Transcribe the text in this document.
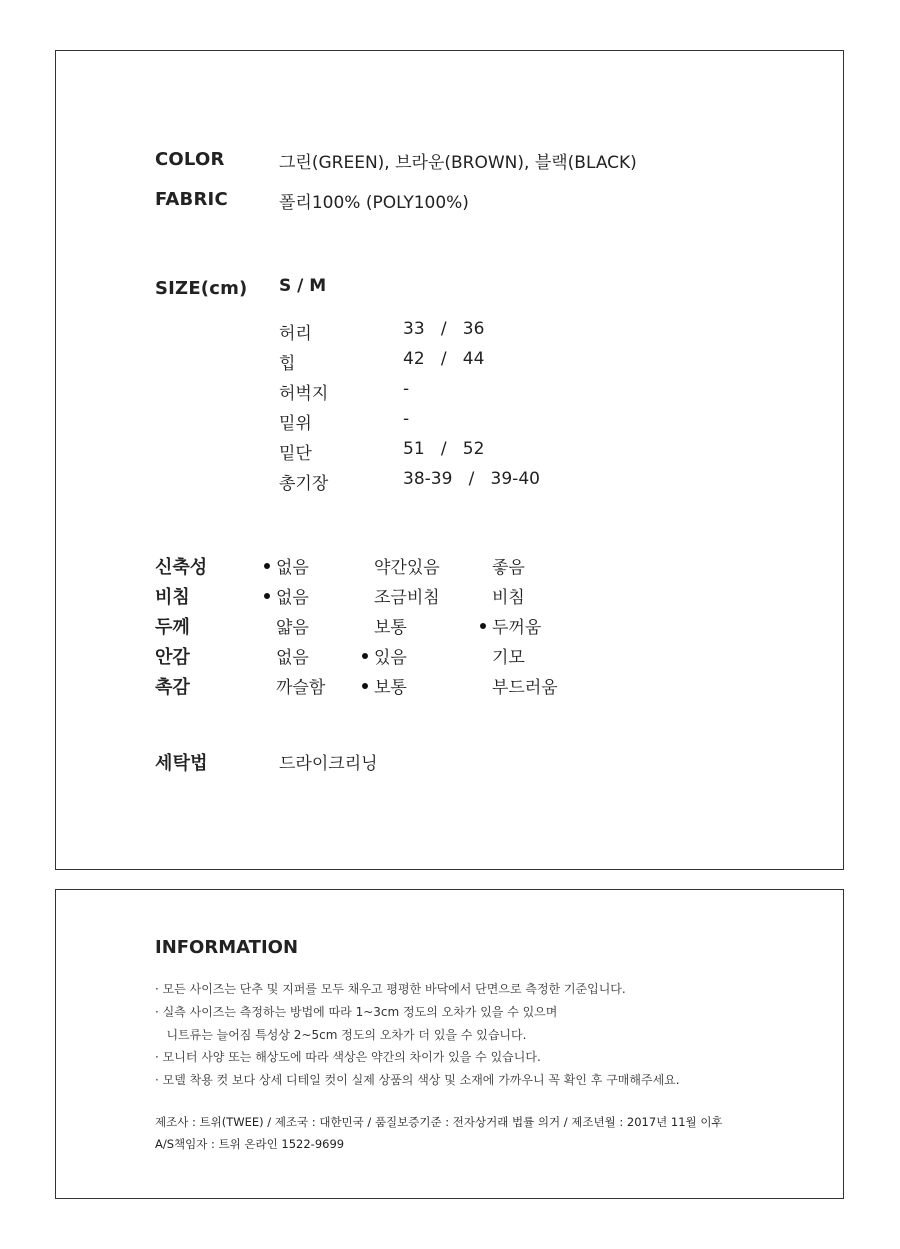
COLOR	그린(GREEN), 브라운(BROWN), 블랙(BLACK)
FABRIC	폴리100% (POLY100%)
SIZE(cm) S / M
허리	33   /   36
힙	42   /   44
허벅지	-
밑위	-
밑단	51   /   52
총기장	38-39   /   39-40
신축성	없음	약간있음	좋음
비침	없음	조금비침	비침
두께	얇음	보통	두꺼움
안감	없음	있음	기모
촉감	까슬함	보통	부드러움
세탁법	드라이크리닝
INFORMATION
· 모든 사이즈는 단추 및 지퍼를 모두 채우고 평평한 바닥에서 단면으로 측정한 기준입니다.
· 실측 사이즈는 측정하는 방법에 따라 1~3cm 정도의 오차가 있을 수 있으며
니트류는 늘어짐 특성상 2~5cm 정도의 오차가 더 있을 수 있습니다.
· 모니터 사양 또는 해상도에 따라 색상은 약간의 차이가 있을 수 있습니다.
· 모델 착용 컷 보다 상세 디테일 컷이 실제 상품의 색상 및 소재에 가까우니 꼭 확인 후 구매해주세요.
제조사 : 트위(TWEE) / 제조국 : 대한민국 / 품질보증기준 : 전자상거래 법률 의거 / 제조년월 : 2017년 11월 이후
A/S책임자 : 트위 온라인 1522-9699
